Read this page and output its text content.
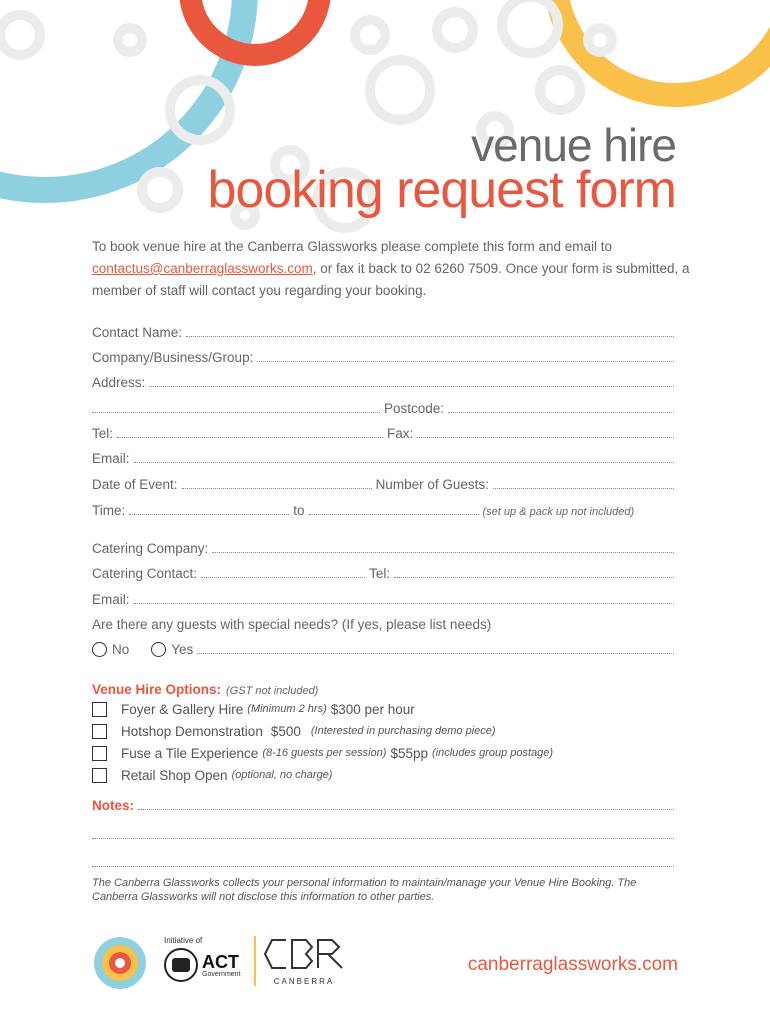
venue hire
booking request form

To book venue hire at the Canberra Glassworks please complete this form and email to contactus@canberraglassworks.com, or fax it back to 02 6260 7509. Once your form is submitted, a member of staff will contact you regarding your booking.

Contact Name:
Company/Business/Group:
Address:
Postcode:
Tel:	Fax:
Email:
Date of Event:	Number of Guests:
Time:	to	(set up & pack up not included)
Catering Company:
Catering Contact:	Tel:
Email:
Are there any guests with special needs? (If yes, please list needs)
No	Yes
Venue Hire Options: (GST not included)
Foyer & Gallery Hire (Minimum 2 hrs) $300 per hour
Hotshop Demonstration $500 (Interested in purchasing demo piece)
Fuse a Tile Experience (8-16 guests per session) $55pp (includes group postage)
Retail Shop Open (optional, no charge)
Notes:

The Canberra Glassworks collects your personal information to maintain/manage your Venue Hire Booking. The Canberra Glassworks will not disclose this information to other parties.

Initiative of
ACT
Government
CANBERRA
canberraglassworks.com
